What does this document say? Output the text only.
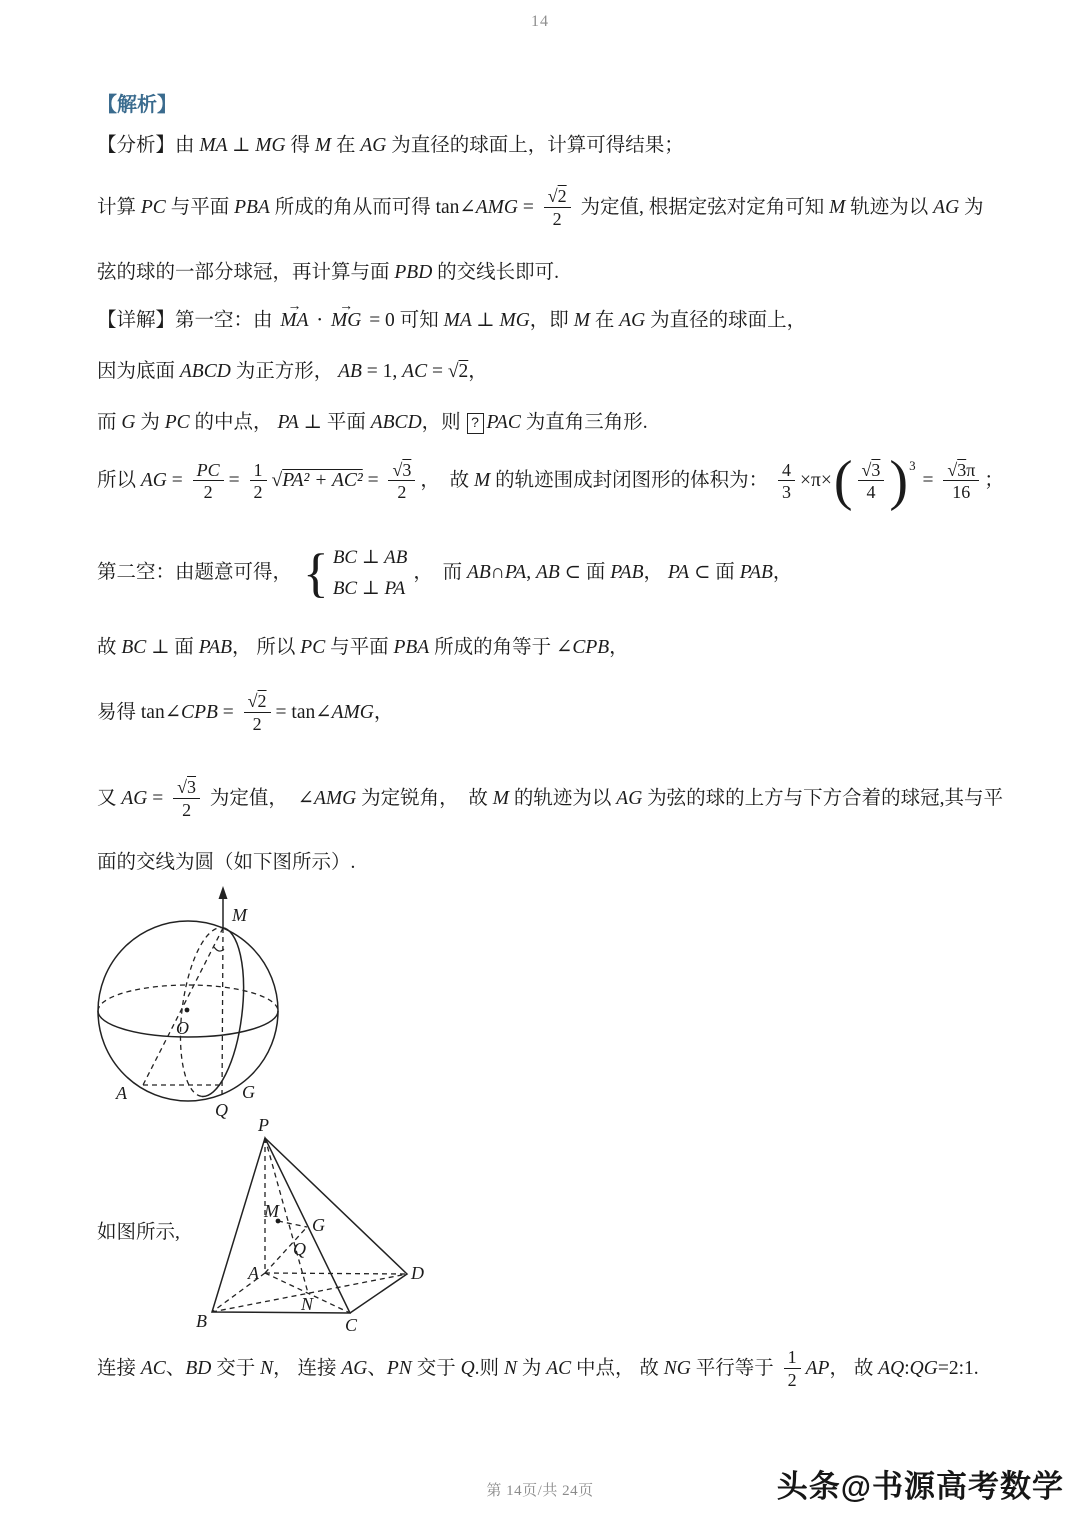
14
【解析】
【分析】由 MA ⊥ MG 得 M 在 AG 为直径的球面上，计算可得结果；
计算 PC 与平面 PBA 所成的角从而可得 tan ∠AMG = $\frac{√2}{2}$ 为定值, 根据定弦对定角可知 M 轨迹为以 AG 为
弦的球的一部分球冠，再计算与面 PBD 的交线长即可.
【详解】第一空：由 MA → ⋅ MG → = 0 可知 MA ⊥ MG ，即 M 在 AG 为直径的球面上，
因为底面 ABCD 为正方形， AB = 1, AC = √2 ，
而 G 为 PC 的中点， PA ⊥ 平面 ABCD ，则 ? PAC 为直角三角形.
所以 AG = $\frac{PC}{2} = \frac{1}{2} √PA^2 + AC^2 = \frac{√3}{2}$ ，  故 M 的轨迹围成封闭图形的体积为： $\frac{4}{3} \times\pi\times$ ( $\frac{√3}{4} )^3$
= $\frac{√3 \pi}{16}$ ；
第二空：由题意可得， { BC ⊥ AB
BC ⊥ PA
，  而 AB ∩ PA , AB ⊂ 面 PAB ， PA ⊂ 面 PAB ，
故 BC ⊥ 面 PAB ， 所以 PC 与平面 PBA 所成的角等于 ∠CPB ，
易得 tan ∠CPB = $\frac{√2}{2} = \tan$ ∠AMG ，
又 AG = $\frac{√3}{2}$ 为定值， ∠AMG 为定锐角，  故 M 的轨迹为以 AG 为弦的球的上方与下方合着的球冠,其与平
面的交线为圆（如下图所示）.
M
O
A
Q
G
P
B	C
D
A
M
G
Q
N
如图所示,
连接 AC 、 BD 交于 N ， 连接 AG 、 PN 交于 Q .则 N 为 AC 中点， 故 NG 平行等于 $\frac{1}{2}$ AP ， 故 AQ : QG =2:1.
第 14页/共 24页	头条@书源高考数学
